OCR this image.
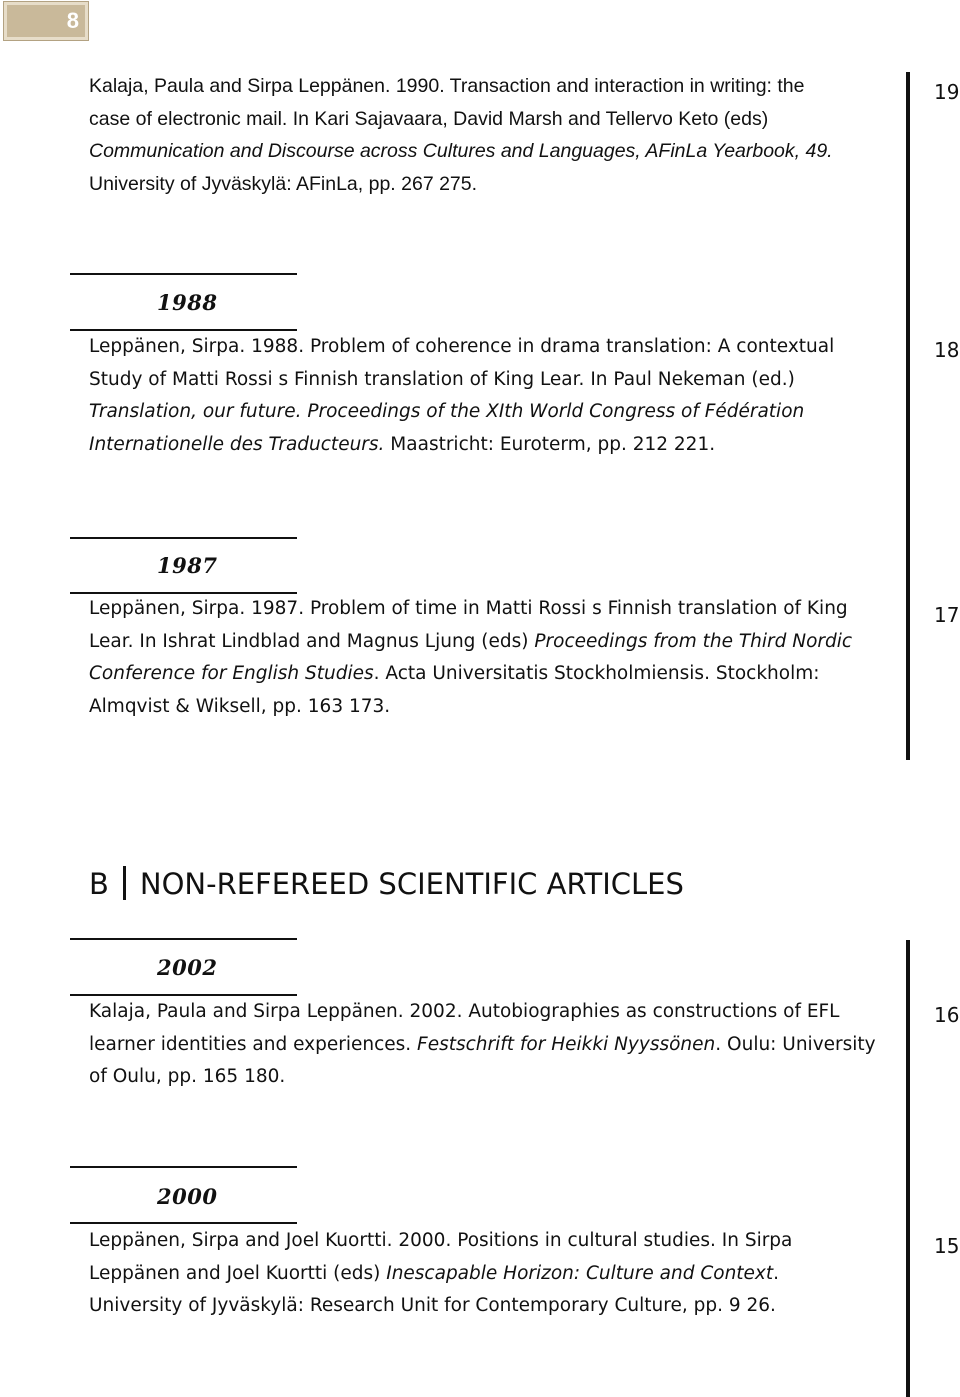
8
Kalaja, Paula and Sirpa Leppänen. 1990. Transaction and interaction in writing: the
case of electronic mail. In Kari Sajavaara, David Marsh and Tellervo Keto (eds)
Communication and Discourse across Cultures and Languages, AFinLa Yearbook, 49.
University of Jyväskylä: AFinLa, pp. 267 275.
19
1988
Leppänen, Sirpa. 1988. Problem of coherence in drama translation: A contextual
Study of Matti Rossi s Finnish translation of King Lear. In Paul Nekeman (ed.)
Translation, our future. Proceedings of the XIth World Congress of Fédération
Internationelle des Traducteurs. Maastricht: Euroterm, pp. 212 221.
18
1987
Leppänen, Sirpa. 1987. Problem of time in Matti Rossi s Finnish translation of King
Lear. In Ishrat Lindblad and Magnus Ljung (eds) Proceedings from the Third Nordic
Conference for English Studies. Acta Universitatis Stockholmiensis. Stockholm:
Almqvist & Wiksell, pp. 163 173.
17
B NON-REFEREED SCIENTIFIC ARTICLES
2002
Kalaja, Paula and Sirpa Leppänen. 2002. Autobiographies as constructions of EFL
learner identities and experiences. Festschrift for Heikki Nyyssönen. Oulu: University
of Oulu, pp. 165 180.
16
2000
Leppänen, Sirpa and Joel Kuortti. 2000. Positions in cultural studies. In Sirpa
Leppänen and Joel Kuortti (eds) Inescapable Horizon: Culture and Context.
University of Jyväskylä: Research Unit for Contemporary Culture, pp. 9 26.
15
